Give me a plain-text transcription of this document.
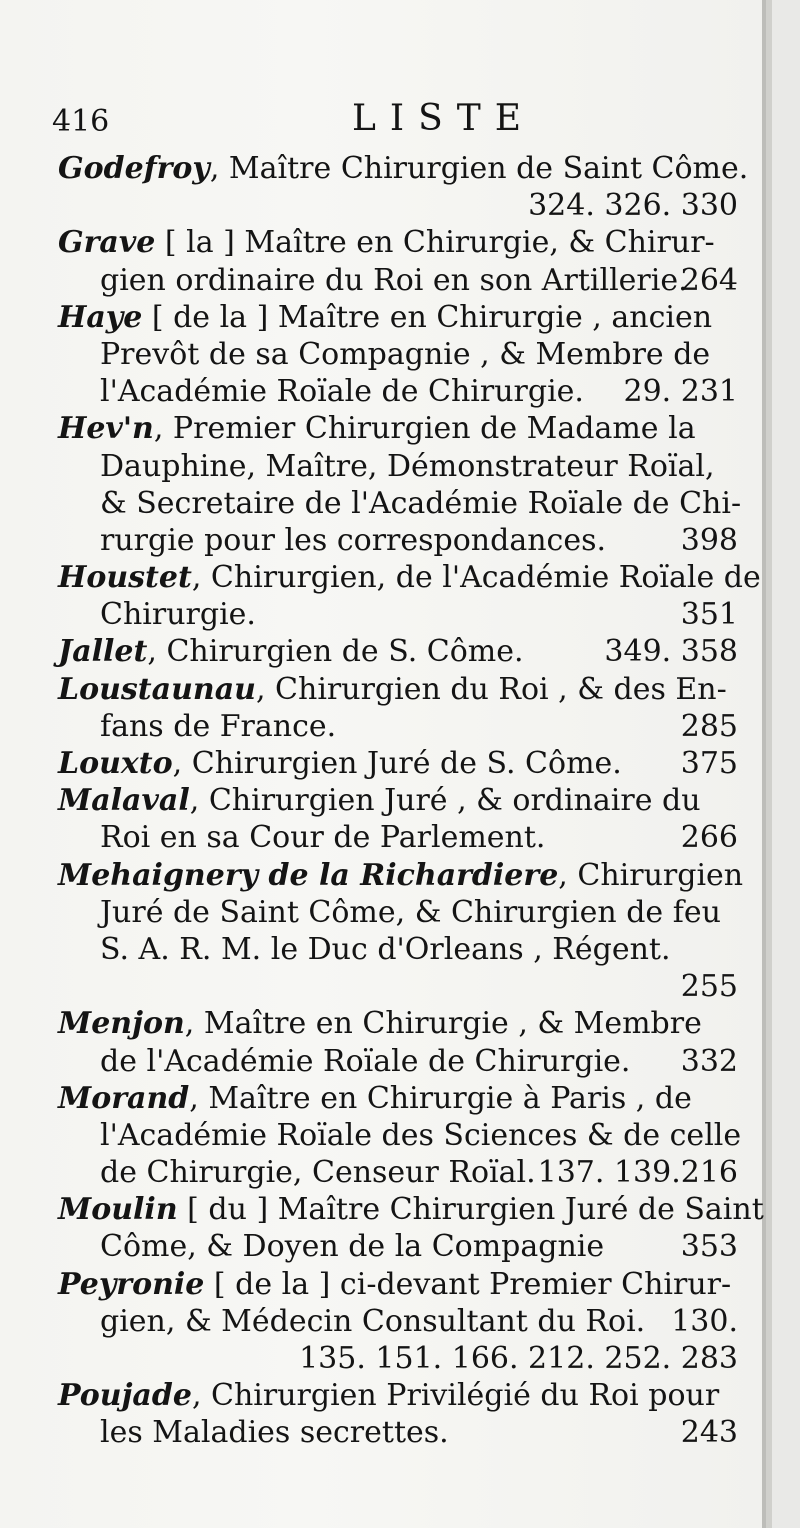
416	LISTE
Godefroy, Maître Chirurgien de Saint Côme.
324. 326. 330
Grave [ la ] Maître en Chirurgie, & Chirur-
gien ordinaire du Roi en son Artillerie.
264
Haye [ de la ] Maître en Chirurgie , ancien
Prevôt de sa Compagnie , & Membre de
l'Académie Roïale de Chirurgie. 29. 231
Hev'n, Premier Chirurgien de Madame la
Dauphine, Maître, Démonstrateur Roïal,
& Secretaire de l'Académie Roïale de Chi-
rurgie pour les correspondances. 398
Houstet, Chirurgien, de l'Académie Roïale de
Chirurgie.	351
Jallet, Chirurgien de S. Côme.	349. 358
Loustaunau, Chirurgien du Roi , & des En-
fans de France.	285
Louxto, Chirurgien Juré de S. Côme. 375
Malaval, Chirurgien Juré , & ordinaire du
Roi en sa Cour de Parlement.	266
Mehaignery de la Richardiere, Chirurgien
Juré de Saint Côme, & Chirurgien de feu
S. A. R. M. le Duc d'Orleans , Régent.
255
Menjon, Maître en Chirurgie , & Membre
de l'Académie Roïale de Chirurgie. 332
Morand, Maître en Chirurgie à Paris , de
l'Académie Roïale des Sciences & de celle
de Chirurgie, Censeur Roïal. 137. 139.216
Moulin [ du ] Maître Chirurgien Juré de Saint
Côme, & Doyen de la Compagnie	353
Peyronie [ de la ] ci-devant Premier Chirur-
gien, & Médecin Consultant du Roi. 130.
135. 151. 166. 212. 252. 283
Poujade, Chirurgien Privilégié du Roi pour
les Maladies secrettes.	243
